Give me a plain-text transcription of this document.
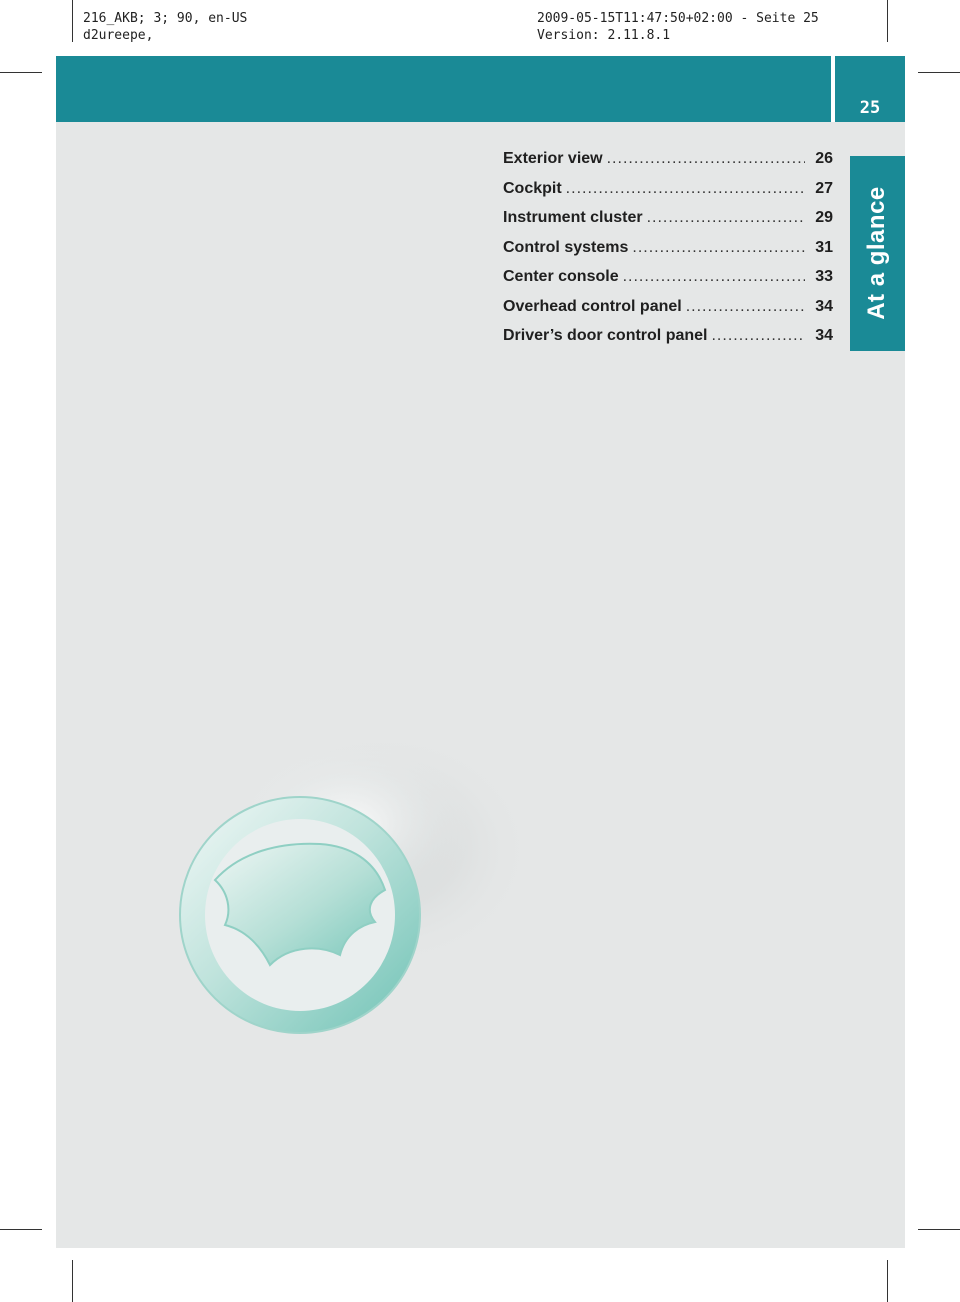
216_AKB; 3; 90, en-US
d2ureepe,
2009-05-15T11:47:50+02:00 - Seite 25
Version: 2.11.8.1
25
At a glance
Exterior view .....	26
Cockpit .....	27
Instrument cluster .....	29
Control systems .....	31
Center console .....	33
Overhead control panel .....	34
Driver’s door control panel .....	34
